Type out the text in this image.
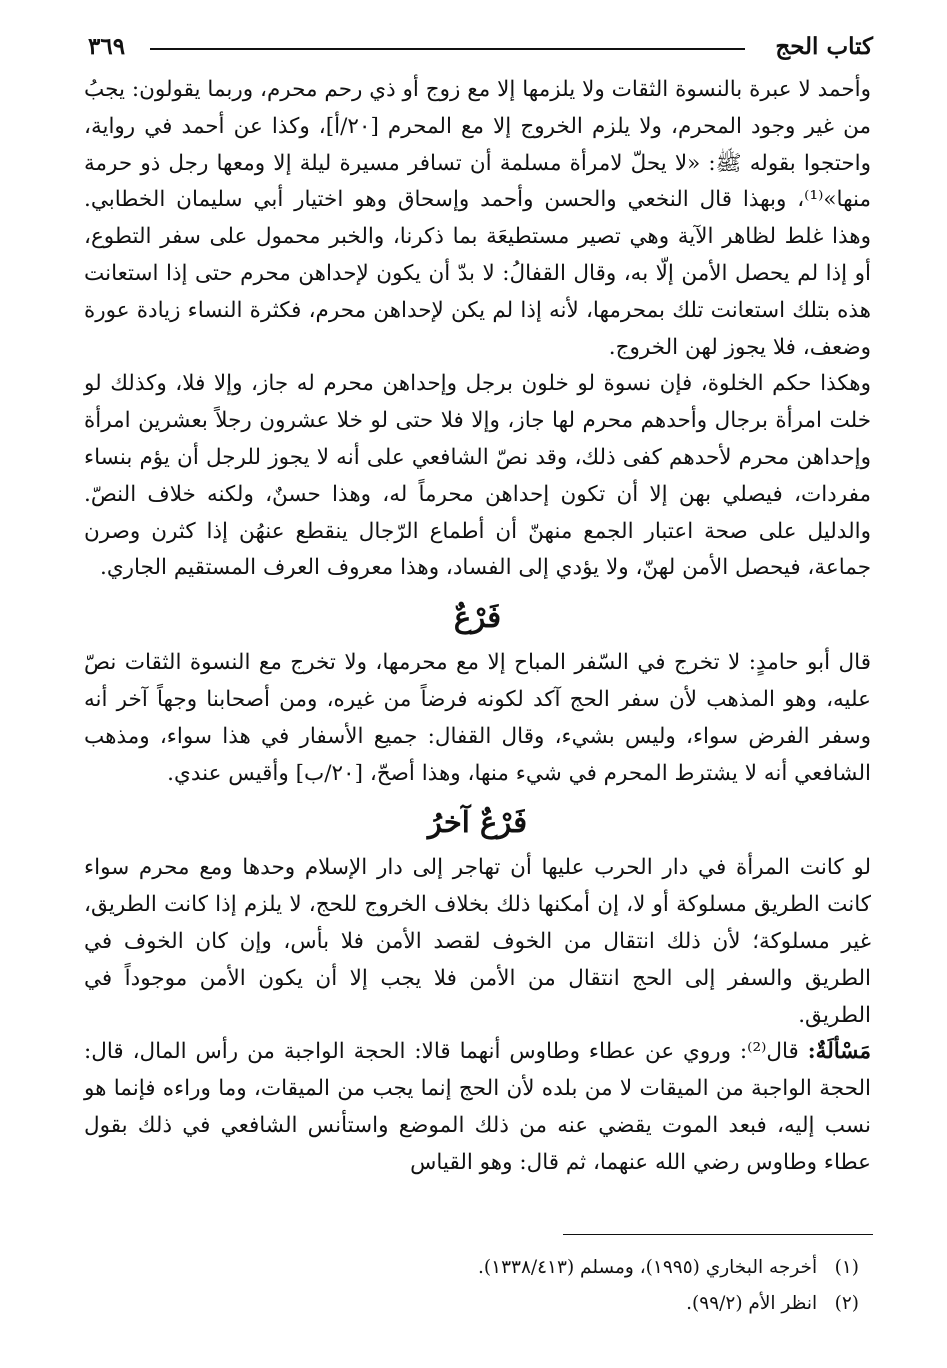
كتاب الحج
٣٦٩

وأحمد لا عبرة بالنسوة الثقات ولا يلزمها إلا مع زوج أو ذي رحم محرم، وربما يقولون: يجبُ من غير وجود المحرم، ولا يلزم الخروج إلا مع المحرم [٢٠/أ]، وكذا عن أحمد في رواية، واحتجوا بقوله ﷺ: «لا يحلّ لامرأة مسلمة أن تسافر مسيرة ليلة إلا ومعها رجل ذو حرمة منها»⁽¹⁾، وبهذا قال النخعي والحسن وأحمد وإسحاق وهو اختيار أبي سليمان الخطابي. وهذا غلط لظاهر الآية وهي تصير مستطيعَة بما ذكرنا، والخبر محمول على سفر التطوع، أو إذا لم يحصل الأمن إلّا به، وقال القفالُ: لا بدّ أن يكون لإحداهن محرم حتى إذا استعانت هذه بتلك استعانت تلك بمحرمها، لأنه إذا لم يكن لإحداهن محرم، فكثرة النساء زيادة عورة وضعف، فلا يجوز لهن الخروج.

وهكذا حكم الخلوة، فإن نسوة لو خلون برجل وإحداهن محرم له جاز، وإلا فلا، وكذلك لو خلت امرأة برجال وأحدهم محرم لها جاز، وإلا فلا حتى لو خلا عشرون رجلاً بعشرين امرأة وإحداهن محرم لأحدهم كفى ذلك، وقد نصّ الشافعي على أنه لا يجوز للرجل أن يؤم بنساء مفردات، فيصلي بهن إلا أن تكون إحداهن محرماً له، وهذا حسنٌ، ولكنه خلاف النصّ. والدليل على صحة اعتبار الجمع منهنّ أن أطماع الرّجال ينقطع عنهُن إذا كثرن وصرن جماعة، فيحصل الأمن لهنّ، ولا يؤدي إلى الفساد، وهذا معروف العرف المستقيم الجاري.

فَرْعٌ

قال أبو حامدٍ: لا تخرج في السّفر المباح إلا مع محرمها، ولا تخرج مع النسوة الثقات نصّ عليه، وهو المذهب لأن سفر الحج آكد لكونه فرضاً من غيره، ومن أصحابنا وجهاً آخر أنه وسفر الفرض سواء، وليس بشيء، وقال القفال: جميع الأسفار في هذا سواء، ومذهب الشافعي أنه لا يشترط المحرم في شيء منها، وهذا أصحّ، [٢٠/ب] وأقيس عندي.

فَرْعٌ آخرُ

لو كانت المرأة في دار الحرب عليها أن تهاجر إلى دار الإسلام وحدها ومع محرم سواء كانت الطريق مسلوكة أو لا، إن أمكنها ذلك بخلاف الخروج للحج، لا يلزم إذا كانت الطريق، غير مسلوكة؛ لأن ذلك انتقال من الخوف لقصد الأمن فلا بأس، وإن كان الخوف في الطريق والسفر إلى الحج انتقال من الأمن فلا يجب إلا أن يكون الأمن موجوداً في الطريق.

مَسْألَةٌ: قال⁽²⁾: وروي عن عطاء وطاوس أنهما قالا: الحجة الواجبة من رأس المال، قال: الحجة الواجبة من الميقات لا من بلده لأن الحج إنما يجب من الميقات، وما وراءه فإنما هو نسب إليه، فبعد الموت يقضي عنه من ذلك الموضع واستأنس الشافعي في ذلك بقول عطاء وطاوس رضي الله عنهما، ثم قال: وهو القياس

(١) أخرجه البخاري (١٩٩٥)، ومسلم (١٣٣٨/٤١٣).

(٢) انظر الأم (٩٩/٢).
